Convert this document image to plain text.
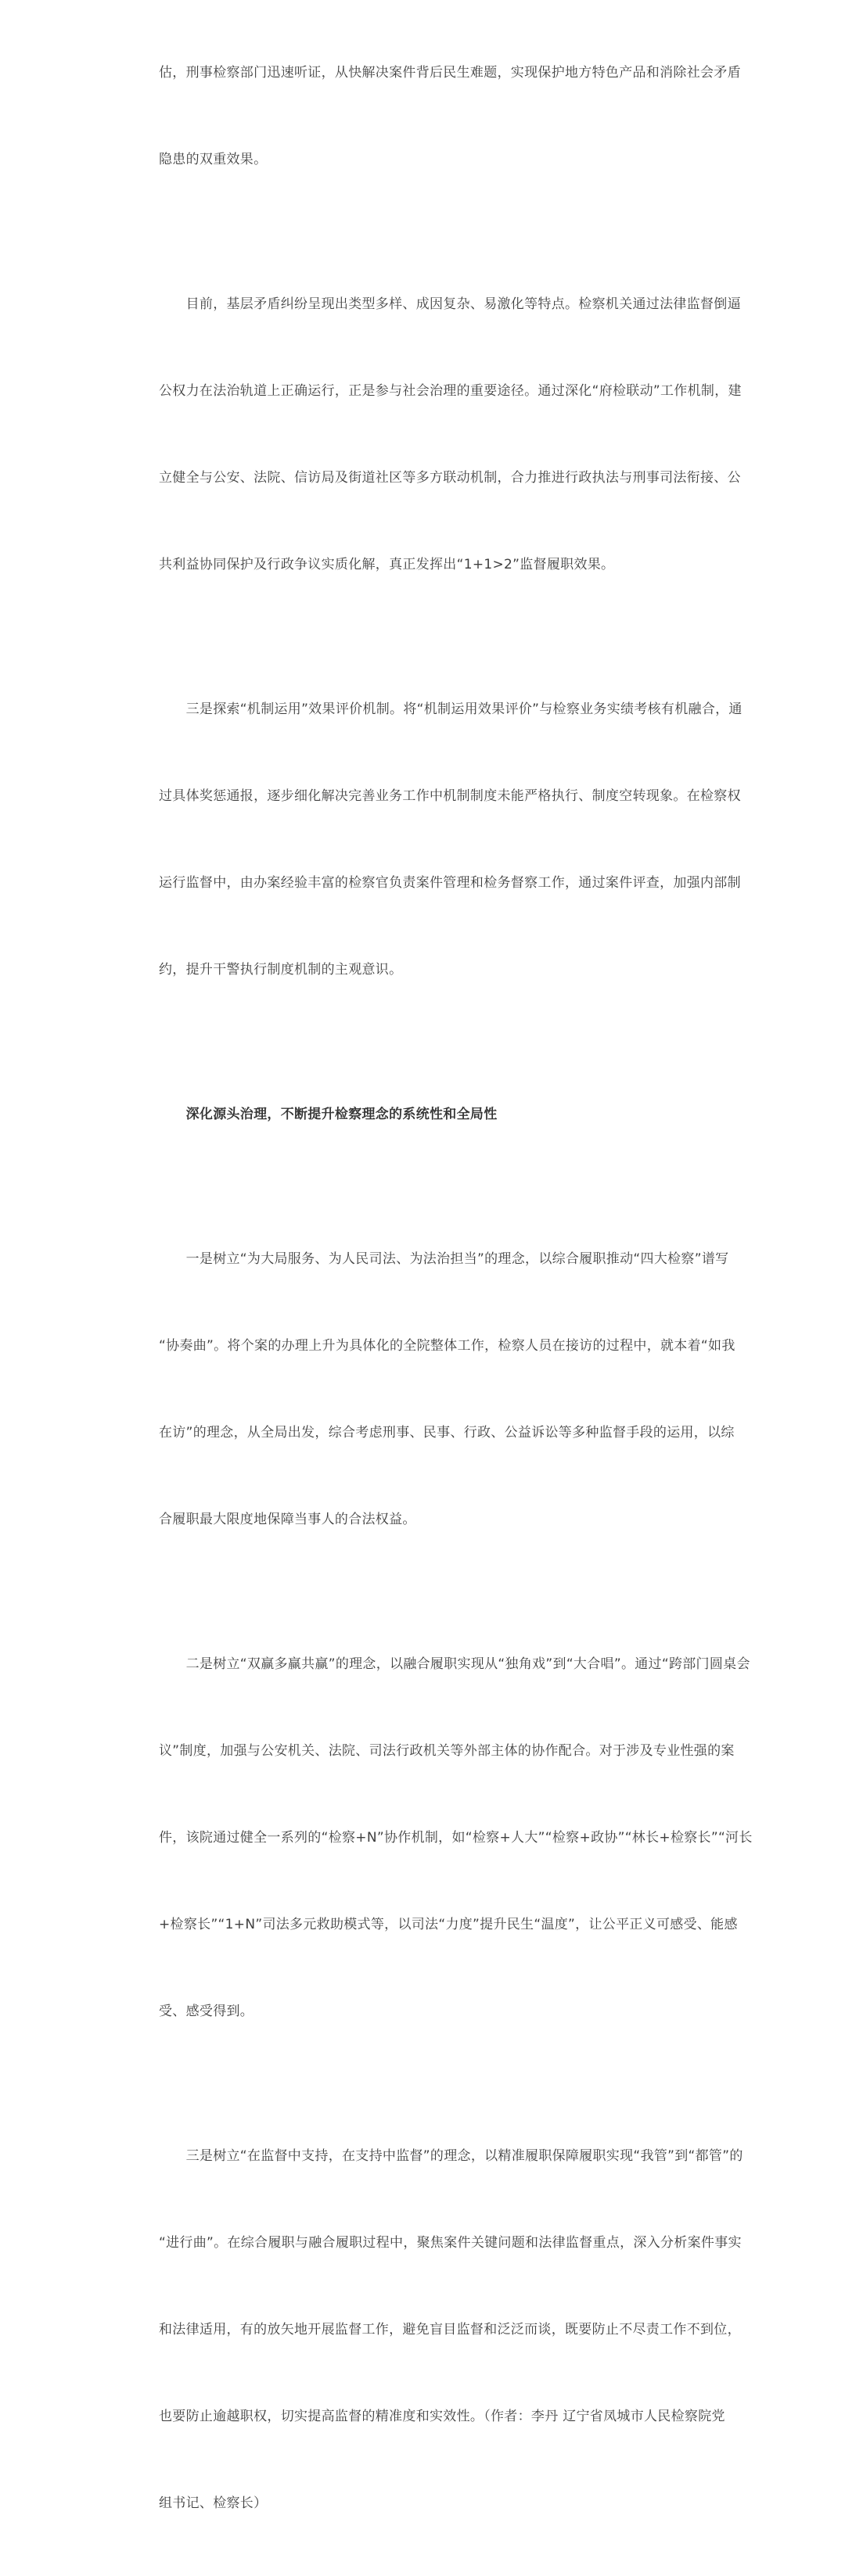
估，刑事检察部门迅速听证，从快解决案件背后民生难题，实现保护地方特色产品和消除社会矛盾

隐患的双重效果。

　　目前，基层矛盾纠纷呈现出类型多样、成因复杂、易激化等特点。检察机关通过法律监督倒逼

公权力在法治轨道上正确运行，正是参与社会治理的重要途径。通过深化“府检联动”工作机制，建

立健全与公安、法院、信访局及街道社区等多方联动机制，合力推进行政执法与刑事司法衔接、公

共利益协同保护及行政争议实质化解，真正发挥出“1+1>2”监督履职效果。

　　三是探索“机制运用”效果评价机制。将“机制运用效果评价”与检察业务实绩考核有机融合，通

过具体奖惩通报，逐步细化解决完善业务工作中机制制度未能严格执行、制度空转现象。在检察权

运行监督中，由办案经验丰富的检察官负责案件管理和检务督察工作，通过案件评查，加强内部制

约，提升干警执行制度机制的主观意识。

　　深化源头治理，不断提升检察理念的系统性和全局性

　　一是树立“为大局服务、为人民司法、为法治担当”的理念，以综合履职推动“四大检察”谱写

“协奏曲”。将个案的办理上升为具体化的全院整体工作，检察人员在接访的过程中，就本着“如我

在访”的理念，从全局出发，综合考虑刑事、民事、行政、公益诉讼等多种监督手段的运用，以综

合履职最大限度地保障当事人的合法权益。

　　二是树立“双赢多赢共赢”的理念，以融合履职实现从“独角戏”到“大合唱”。通过“跨部门圆桌会

议”制度，加强与公安机关、法院、司法行政机关等外部主体的协作配合。对于涉及专业性强的案

件，该院通过健全一系列的“检察+N”协作机制，如“检察+人大”“检察+政协”“林长+检察长”“河长

+检察长”“1+N”司法多元救助模式等，以司法“力度”提升民生“温度”，让公平正义可感受、能感

受、感受得到。

　　三是树立“在监督中支持，在支持中监督”的理念，以精准履职保障履职实现“我管”到“都管”的

“进行曲”。在综合履职与融合履职过程中，聚焦案件关键问题和法律监督重点，深入分析案件事实

和法律适用，有的放矢地开展监督工作，避免盲目监督和泛泛而谈，既要防止不尽责工作不到位，

也要防止逾越职权，切实提高监督的精准度和实效性。（作者：李丹 辽宁省凤城市人民检察院党

组书记、检察长）
